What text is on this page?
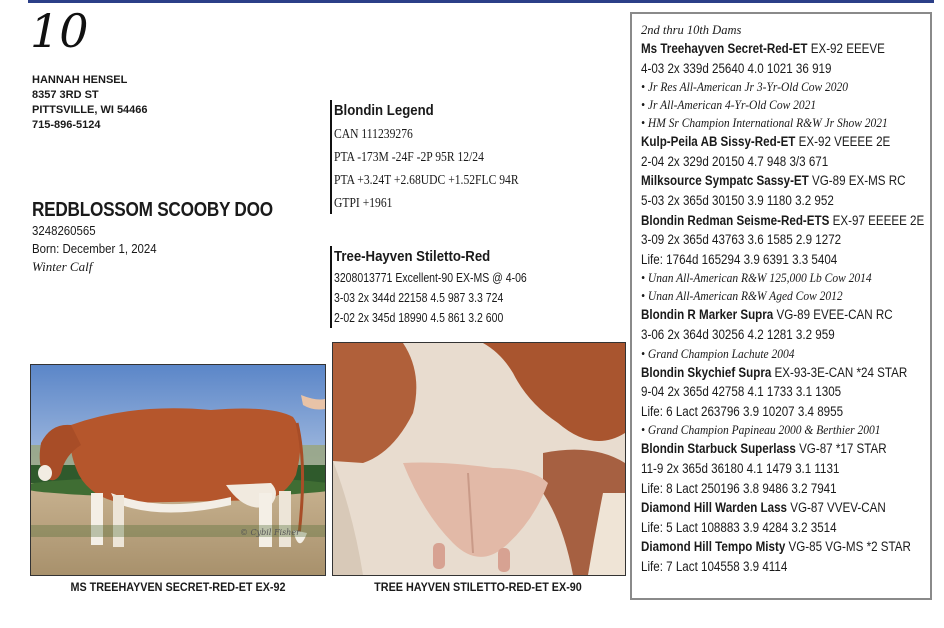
10
HANNAH HENSEL
8357 3RD ST
PITTSVILLE, WI 54466
715-896-5124
REDBLOSSOM SCOOBY DOO
3248260565
Born: December 1, 2024
Winter Calf
Blondin Legend
CAN 111239276
PTA -173M -24F -2P 95R 12/24
PTA +3.24T +2.68UDC +1.52FLC 94R
GTPI +1961
Tree-Hayven Stiletto-Red
3208013771 Excellent-90 EX-MS @ 4-06
3-03 2x 344d 22158 4.5 987 3.3 724
2-02 2x 345d 18990 4.5 861 3.2 600
© Cybil Fisher
MS TREEHAYVEN SECRET-RED-ET EX-92	TREE HAYVEN STILETTO-RED-ET EX-90
2nd thru 10th Dams
Ms Treehayven Secret-Red-ET EX-92 EEEVE
4-03 2x 339d 25640 4.0 1021 36 919
• Jr Res All-American Jr 3-Yr-Old Cow 2020
• Jr All-American 4-Yr-Old Cow 2021
• HM Sr Champion International R&W Jr Show 2021
Kulp-Peila AB Sissy-Red-ET EX-92 VEEEE 2E
2-04 2x 329d 20150 4.7 948 3/3 671
Milksource Sympatc Sassy-ET VG-89 EX-MS RC
5-03 2x 365d 30150 3.9 1180 3.2 952
Blondin Redman Seisme-Red-ETS EX-97 EEEEE 2E
3-09 2x 365d 43763 3.6 1585 2.9 1272
Life: 1764d 165294 3.9 6391 3.3 5404
• Unan All-American R&W 125,000 Lb Cow 2014
• Unan All-American R&W Aged Cow 2012
Blondin R Marker Supra VG-89 EVEE-CAN RC
3-06 2x 364d 30256 4.2 1281 3.2 959
• Grand Champion Lachute 2004
Blondin Skychief Supra EX-93-3E-CAN *24 STAR
9-04 2x 365d 42758 4.1 1733 3.1 1305
Life: 6 Lact 263796 3.9 10207 3.4 8955
• Grand Champion Papineau 2000 & Berthier 2001
Blondin Starbuck Superlass VG-87 *17 STAR
11-9 2x 365d 36180 4.1 1479 3.1 1131
Life: 8 Lact 250196 3.8 9486 3.2 7941
Diamond Hill Warden Lass VG-87 VVEV-CAN
Life: 5 Lact 108883 3.9 4284 3.2 3514
Diamond Hill Tempo Misty VG-85 VG-MS *2 STAR
Life: 7 Lact 104558 3.9 4114
